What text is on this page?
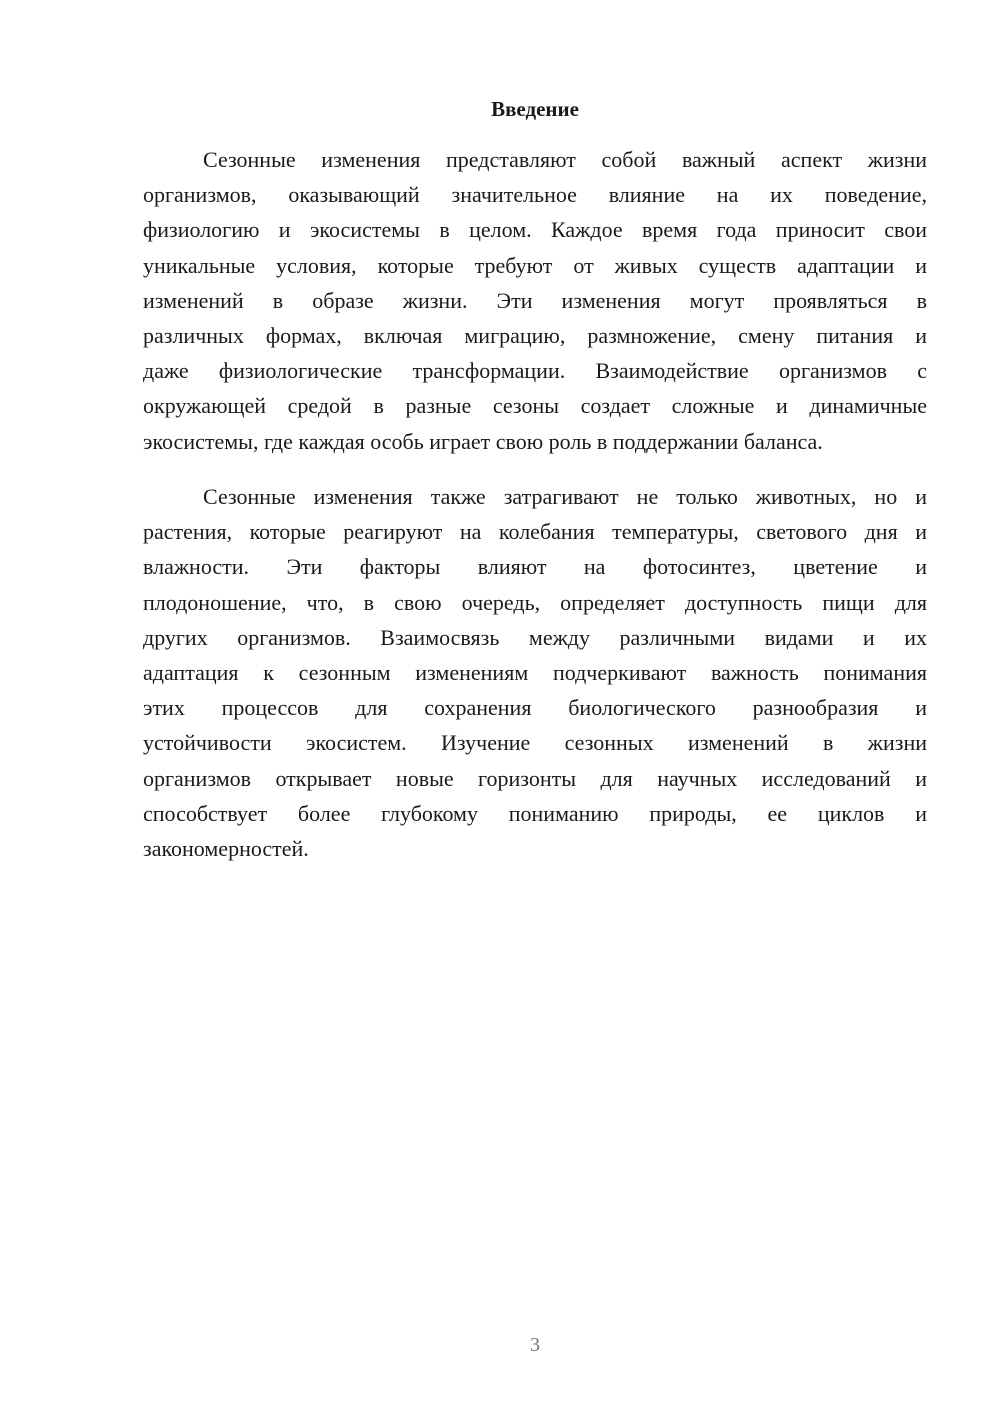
Введение
Сезонные изменения представляют собой важный аспект жизни
организмов, оказывающий значительное влияние на их поведение,
физиологию и экосистемы в целом. Каждое время года приносит свои
уникальные условия, которые требуют от живых существ адаптации и
изменений в образе жизни. Эти изменения могут проявляться в
различных формах, включая миграцию, размножение, смену питания и
даже физиологические трансформации. Взаимодействие организмов с
окружающей средой в разные сезоны создает сложные и динамичные
экосистемы, где каждая особь играет свою роль в поддержании баланса.
Сезонные изменения также затрагивают не только животных, но и
растения, которые реагируют на колебания температуры, светового дня и
влажности. Эти факторы влияют на фотосинтез, цветение и
плодоношение, что, в свою очередь, определяет доступность пищи для
других организмов. Взаимосвязь между различными видами и их
адаптация к сезонным изменениям подчеркивают важность понимания
этих процессов для сохранения биологического разнообразия и
устойчивости экосистем. Изучение сезонных изменений в жизни
организмов открывает новые горизонты для научных исследований и
способствует более глубокому пониманию природы, ее циклов и
закономерностей.
3
